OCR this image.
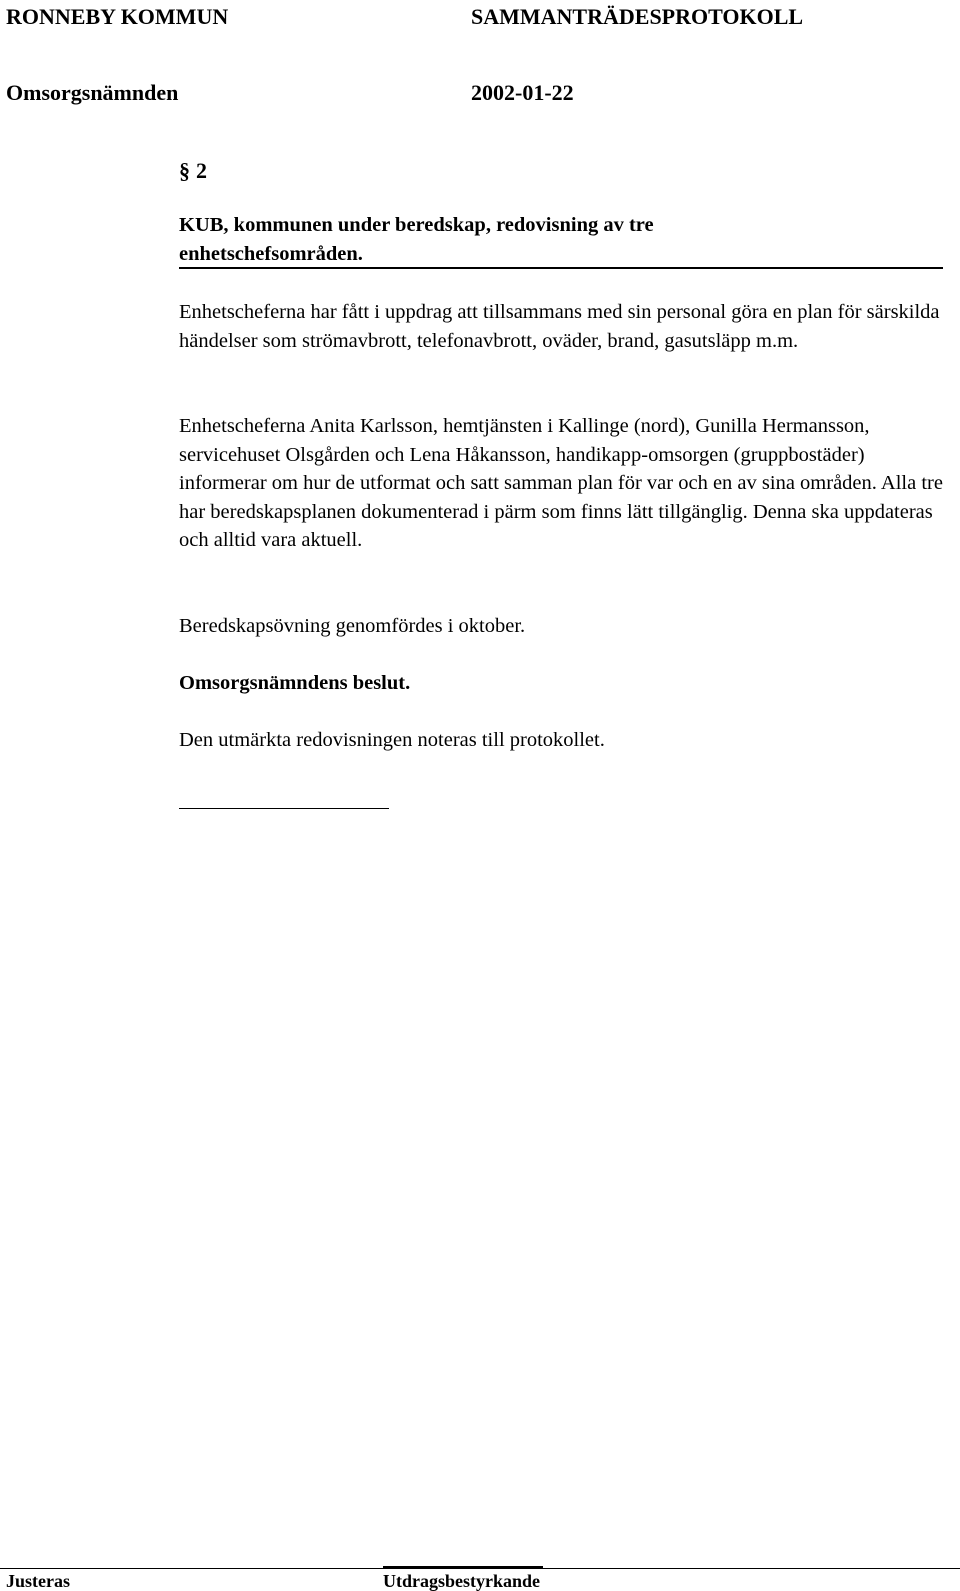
RONNEBY KOMMUN	SAMMANTRÄDESPROTOKOLL
Omsorgsnämnden	2002-01-22
§ 2

KUB, kommunen under beredskap, redovisning av tre enhetschefsområden.

Enhetscheferna har fått i uppdrag att tillsammans med sin personal göra en plan för särskilda händelser som strömavbrott, telefonavbrott, oväder, brand, gasutsläpp m.m.

Enhetscheferna Anita Karlsson, hemtjänsten i Kallinge (nord), Gunilla Hermansson, servicehuset Olsgården och Lena Håkansson, handikapp-omsorgen (gruppbostäder) informerar om hur de utformat och satt samman plan för var och en av sina områden. Alla tre har beredskapsplanen dokumenterad i pärm som finns lätt tillgänglig. Denna ska uppdateras och alltid vara aktuell.

Beredskapsövning genomfördes i oktober.

Omsorgsnämndens beslut.

Den utmärkta redovisningen noteras till protokollet.

Justeras	Utdragsbestyrkande
